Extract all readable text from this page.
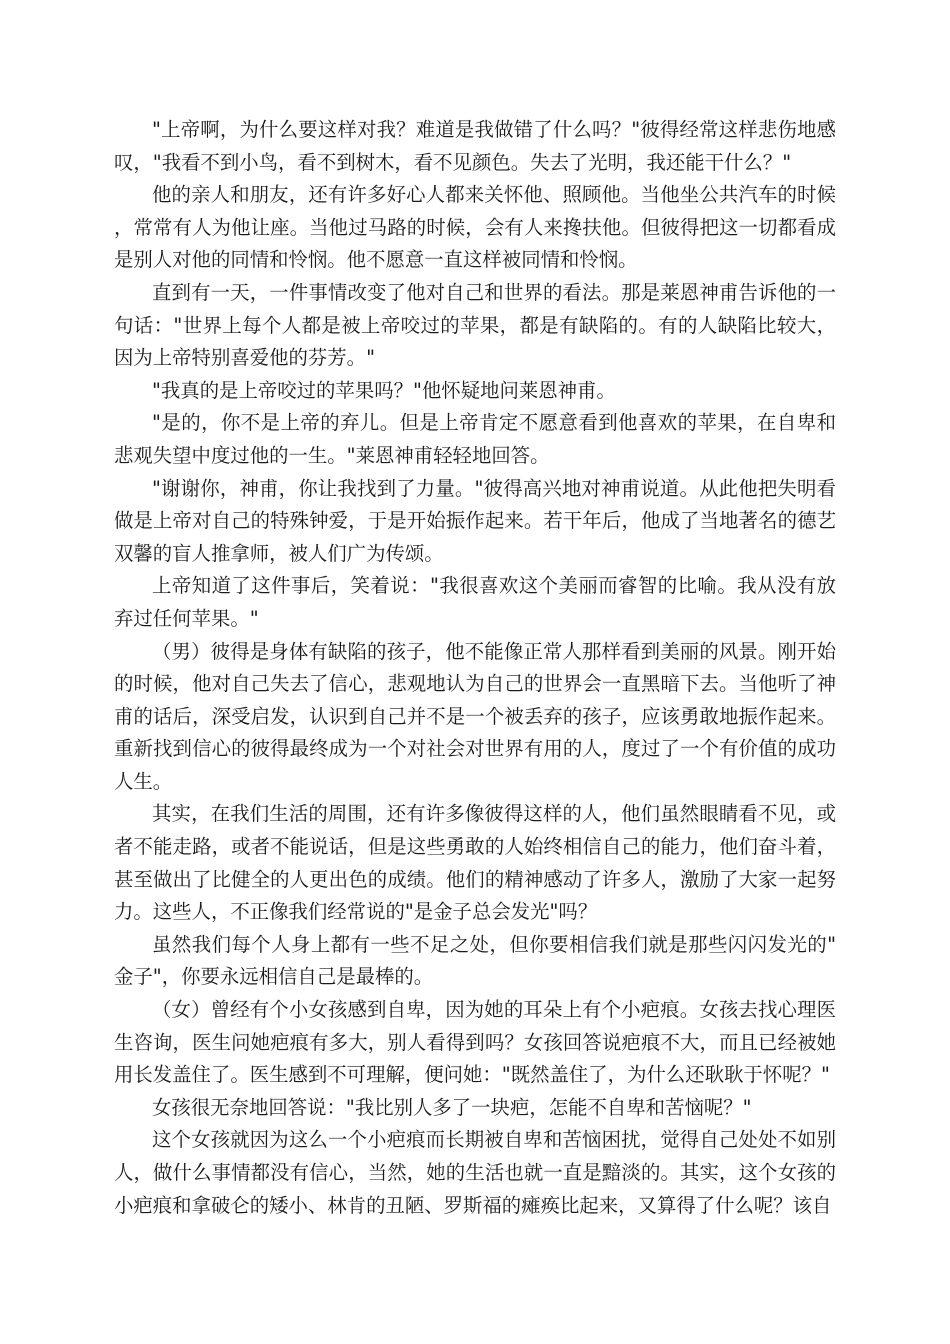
"上帝啊，为什么要这样对我？难道是我做错了什么吗？"彼得经常这样悲伤地感叹，"我看不到小鸟，看不到树木，看不见颜色。失去了光明，我还能干什么？"

他的亲人和朋友，还有许多好心人都来关怀他、照顾他。当他坐公共汽车的时候，常常有人为他让座。当他过马路的时候，会有人来搀扶他。但彼得把这一切都看成是别人对他的同情和怜悯。他不愿意一直这样被同情和怜悯。

直到有一天，一件事情改变了他对自己和世界的看法。那是莱恩神甫告诉他的一句话："世界上每个人都是被上帝咬过的苹果，都是有缺陷的。有的人缺陷比较大，因为上帝特别喜爱他的芬芳。"

"我真的是上帝咬过的苹果吗？"他怀疑地问莱恩神甫。

"是的，你不是上帝的弃儿。但是上帝肯定不愿意看到他喜欢的苹果，在自卑和悲观失望中度过他的一生。"莱恩神甫轻轻地回答。

"谢谢你，神甫，你让我找到了力量。"彼得高兴地对神甫说道。从此他把失明看做是上帝对自己的特殊钟爱，于是开始振作起来。若干年后，他成了当地著名的德艺双馨的盲人推拿师，被人们广为传颂。

上帝知道了这件事后，笑着说："我很喜欢这个美丽而睿智的比喻。我从没有放弃过任何苹果。"

（男）彼得是身体有缺陷的孩子，他不能像正常人那样看到美丽的风景。刚开始的时候，他对自己失去了信心，悲观地认为自己的世界会一直黑暗下去。当他听了神甫的话后，深受启发，认识到自己并不是一个被丢弃的孩子，应该勇敢地振作起来。重新找到信心的彼得最终成为一个对社会对世界有用的人，度过了一个有价值的成功人生。

其实，在我们生活的周围，还有许多像彼得这样的人，他们虽然眼睛看不见，或者不能走路，或者不能说话，但是这些勇敢的人始终相信自己的能力，他们奋斗着，甚至做出了比健全的人更出色的成绩。他们的精神感动了许多人，激励了大家一起努力。这些人，不正像我们经常说的"是金子总会发光"吗？

虽然我们每个人身上都有一些不足之处，但你要相信我们就是那些闪闪发光的"金子"，你要永远相信自己是最棒的。

（女）曾经有个小女孩感到自卑，因为她的耳朵上有个小疤痕。女孩去找心理医生咨询，医生问她疤痕有多大，别人看得到吗？女孩回答说疤痕不大，而且已经被她用长发盖住了。医生感到不可理解，便问她："既然盖住了，为什么还耿耿于怀呢？"

女孩很无奈地回答说："我比别人多了一块疤，怎能不自卑和苦恼呢？"

这个女孩就因为这么一个小疤痕而长期被自卑和苦恼困扰，觉得自己处处不如别人，做什么事情都没有信心，当然，她的生活也就一直是黯淡的。其实，这个女孩的小疤痕和拿破仑的矮小、林肯的丑陋、罗斯福的瘫痪比起来，又算得了什么呢？该自
